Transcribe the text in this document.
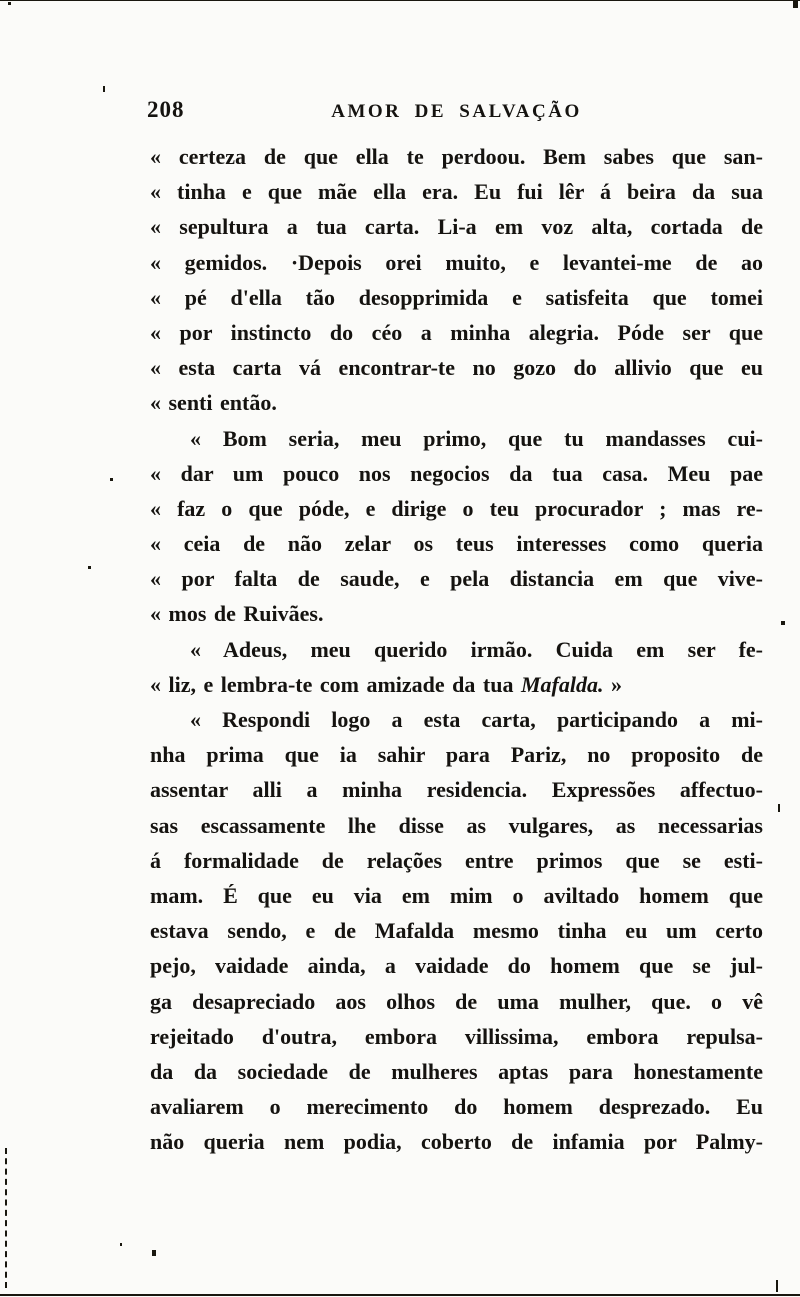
208	AMOR DE SALVAÇÃO
« certeza de que ella te perdoou. Bem sabes que san-
« tinha e que mãe ella era. Eu fui lêr á beira da sua
« sepultura a tua carta. Li-a em voz alta, cortada de
« gemidos. ·Depois orei muito, e levantei-me de ao
« pé d'ella tão desopprimida e satisfeita que tomei
« por instincto do céo a minha alegria. Póde ser que
« esta carta vá encontrar-te no gozo do allivio que eu
« senti então.
« Bom seria, meu primo, que tu mandasses cui-
« dar um pouco nos negocios da tua casa. Meu pae
« faz o que póde, e dirige o teu procurador ; mas re-
« ceia de não zelar os teus interesses como queria
« por falta de saude, e pela distancia em que vive-
« mos de Ruivães.
« Adeus, meu querido irmão. Cuida em ser fe-
« liz, e lembra-te com amizade da tua Mafalda. »
« Respondi logo a esta carta, participando a mi-
nha prima que ia sahir para Pariz, no proposito de
assentar alli a minha residencia. Expressões affectuo-
sas escassamente lhe disse as vulgares, as necessarias
á formalidade de relações entre primos que se esti-
mam. É que eu via em mim o aviltado homem que
estava sendo, e de Mafalda mesmo tinha eu um certo
pejo, vaidade ainda, a vaidade do homem que se jul-
ga desapreciado aos olhos de uma mulher, que. o vê
rejeitado d'outra, embora villissima, embora repulsa-
da da sociedade de mulheres aptas para honestamente
avaliarem o merecimento do homem desprezado. Eu
não queria nem podia, coberto de infamia por Palmy-
